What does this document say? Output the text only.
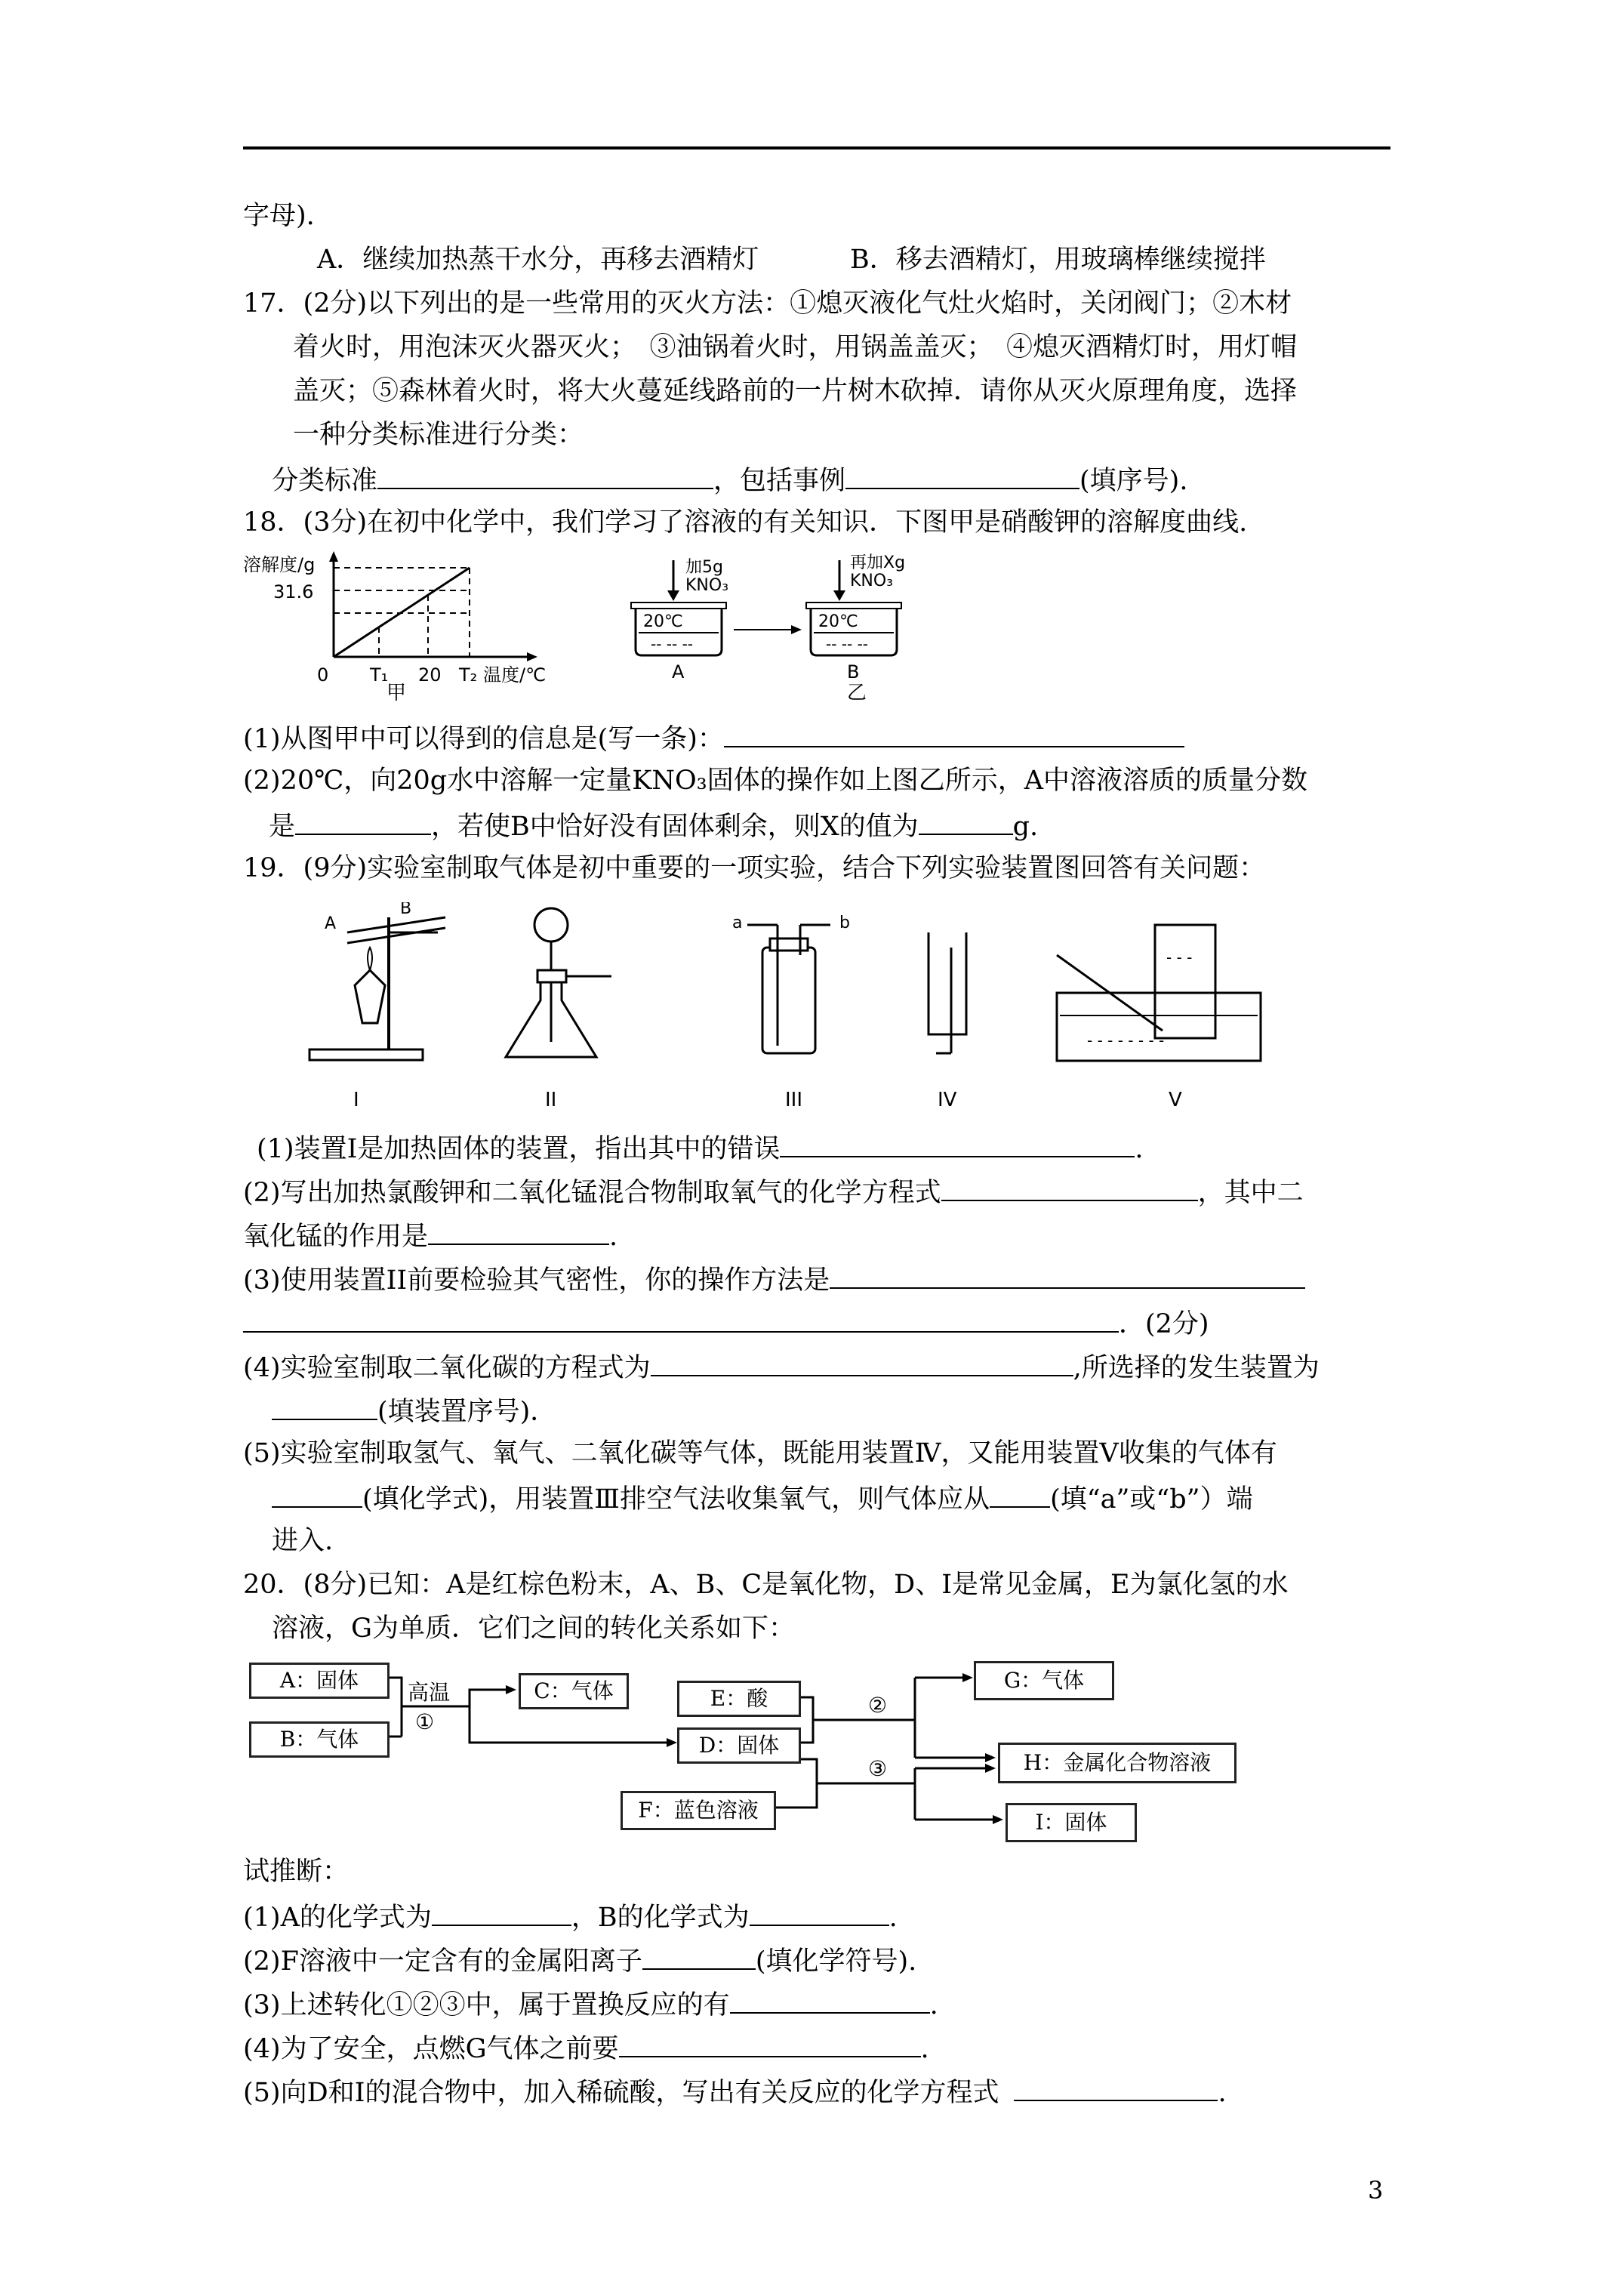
字母).
A．继续加热蒸干水分，再移去酒精灯	B．移去酒精灯，用玻璃棒继续搅拌
17．(2分)以下列出的是一些常用的灭火方法：①熄灭液化气灶火焰时，关闭阀门；②木材
着火时，用泡沫灭火器灭火；　③油锅着火时，用锅盖盖灭；　④熄灭酒精灯时，用灯帽
盖灭；⑤森林着火时，将大火蔓延线路前的一片树木砍掉．请你从灭火原理角度，选择
一种分类标准进行分类：
分类标准	，包括事例	(填序号).
18．(3分)在初中化学中，我们学习了溶液的有关知识．下图甲是硝酸钾的溶解度曲线.
溶解度/g
31.6
0 T₁ 20 T₂ 温度/℃
甲
加5g
KNO₃
20℃
-- -- --
A
再加Xg
KNO₃
20℃
-- -- --
B
乙
(1)从图甲中可以得到的信息是(写一条)：
(2)20℃，向20g水中溶解一定量KNO₃固体的操作如上图乙所示，A中溶液溶质的质量分数
是	，若使B中恰好没有固体剩余，则X的值为	g.
19．(9分)实验室制取气体是初中重要的一项实验，结合下列实验装置图回答有关问题：
A
B
I	II
a	b
III	IV
- - - - - - - -
- - -
V
(1)装置Ⅰ是加热固体的装置，指出其中的错误	.
(2)写出加热氯酸钾和二氧化锰混合物制取氧气的化学方程式	，其中二
氧化锰的作用是	.
(3)使用装置II前要检验其气密性，你的操作方法是
．(2分)
(4)实验室制取二氧化碳的方程式为	,所选择的发生装置为
(填装置序号)．
(5)实验室制取氢气、氧气、二氧化碳等气体，既能用装置Ⅳ，又能用装置Ⅴ收集的气体有
(填化学式)，用装置Ⅲ排空气法收集氧气，则气体应从 (填“a”或“b”）端
进入.
20．(8分)已知：A是红棕色粉末，A、B、C是氧化物，D、I是常见金属，E为氯化氢的水
溶液，G为单质．它们之间的转化关系如下：
A：固体
B：气体
高温
①
C：气体	E：酸
D：固体
F：蓝色溶液
②
③
G：气体
H：金属化合物溶液
I：固体
试推断：
(1)A的化学式为	，B的化学式为	.
(2)F溶液中一定含有的金属阳离子	(填化学符号).
(3)上述转化①②③中，属于置换反应的有	.
(4)为了安全，点燃G气体之前要	.
(5)向D和I的混合物中，加入稀硫酸，写出有关反应的化学方程式	.
3
